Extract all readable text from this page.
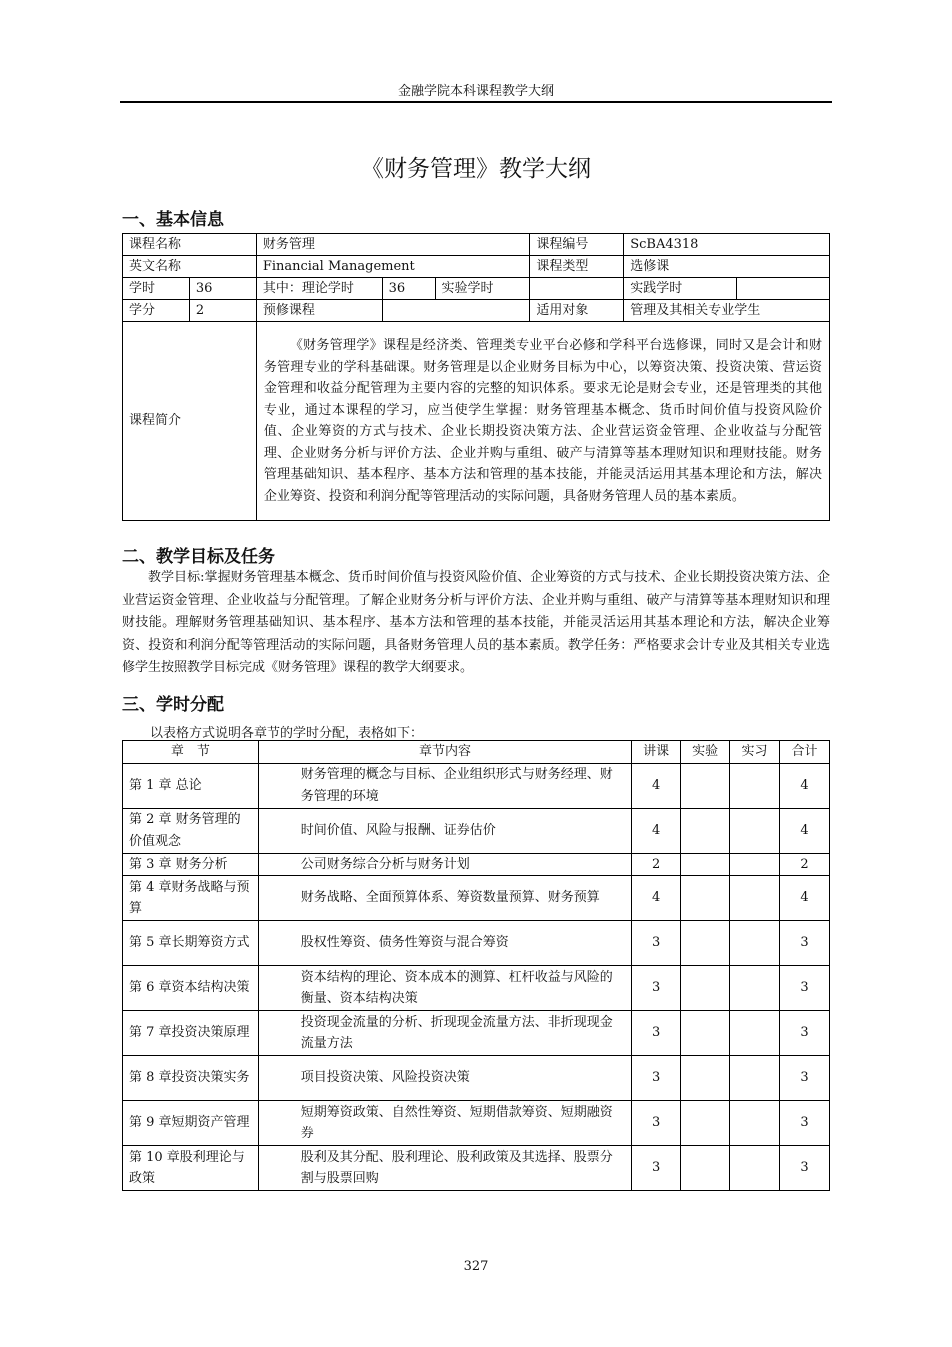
金融学院本科课程教学大纲
《财务管理》教学大纲
一、基本信息
课程名称		财务管理			课程编号	ScBA4318	
英文名称		Financial Management			课程类型	选修课	
学时	36	其中：理论学时	36	实验学时		实践学时	
学分	2	预修课程			适用对象	管理及其相关专业学生	
课程简介		《财务管理学》课程是经济类、管理类专业平台必修和学科平台选修课，同时又是会计和财务管理专业的学科基础课。财务管理是以企业财务目标为中心，以筹资决策、投资决策、营运资金管理和收益分配管理为主要内容的完整的知识体系。要求无论是财会专业，还是管理类的其他专业，通过本课程的学习，应当使学生掌握：财务管理基本概念、货币时间价值与投资风险价值、企业筹资的方式与技术、企业长期投资决策方法、企业营运资金管理、企业收益与分配管理、企业财务分析与评价方法、企业并购与重组、破产与清算等基本理财知识和理财技能。财务管理基础知识、基本程序、基本方法和管理的基本技能，并能灵活运用其基本理论和方法，解决企业筹资、投资和利润分配等管理活动的实际问题，具备财务管理人员的基本素质。					
二、教学目标及任务

教学目标:掌握财务管理基本概念、货币时间价值与投资风险价值、企业筹资的方式与技术、企业长期投资决策方法、企业营运资金管理、企业收益与分配管理。了解企业财务分析与评价方法、企业并购与重组、破产与清算等基本理财知识和理财技能。理解财务管理基础知识、基本程序、基本方法和管理的基本技能，并能灵活运用其基本理论和方法，解决企业筹资、投资和利润分配等管理活动的实际问题，具备财务管理人员的基本素质。教学任务：严格要求会计专业及其相关专业选修学生按照教学目标完成《财务管理》课程的教学大纲要求。

三、学时分配
以表格方式说明各章节的学时分配，表格如下：
章　节	章节内容	讲课	实验	实习	合计
第 1 章 总论	财务管理的概念与目标、企业组织形式与财务经理、财务管理的环境	4			4
第 2 章 财务管理的价值观念	时间价值、风险与报酬、证券估价	4			4
第 3 章 财务分析	公司财务综合分析与财务计划	2			2
第 4 章财务战略与预算	财务战略、全面预算体系、筹资数量预算、财务预算	4			4
第 5 章长期筹资方式	股权性筹资、债务性筹资与混合筹资	3			3
第 6 章资本结构决策	资本结构的理论、资本成本的测算、杠杆收益与风险的衡量、资本结构决策	3			3
第 7 章投资决策原理	投资现金流量的分析、折现现金流量方法、非折现现金流量方法	3			3
第 8 章投资决策实务	项目投资决策、风险投资决策	3			3
第 9 章短期资产管理	短期筹资政策、自然性筹资、短期借款筹资、短期融资券	3			3
第 10 章股利理论与政策	股利及其分配、股利理论、股利政策及其选择、股票分割与股票回购	3			3
327
